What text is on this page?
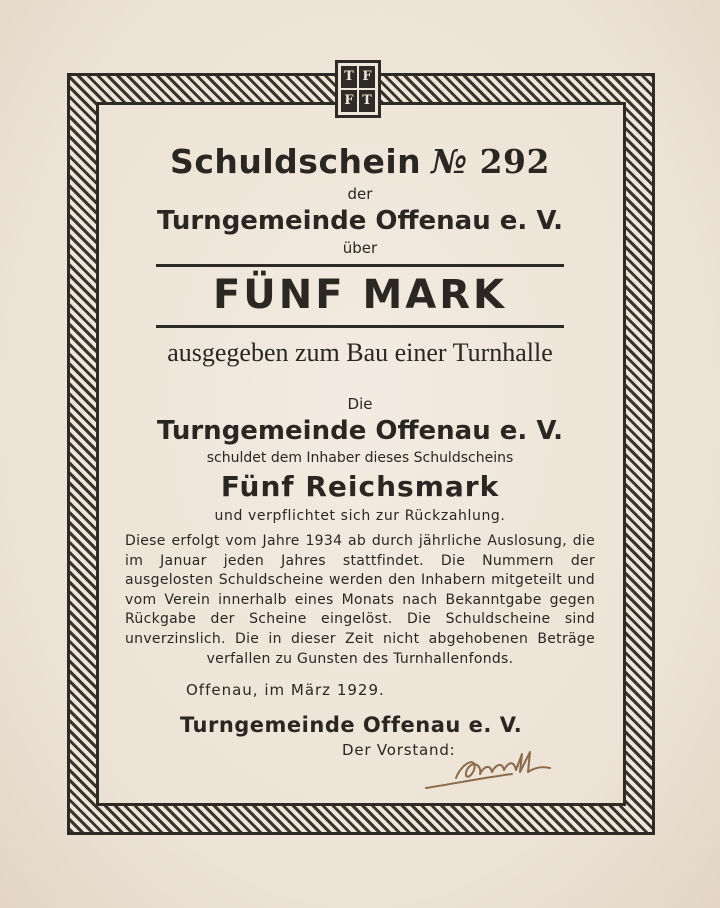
T F
F T

Schuldschein № 292

der

Turngemeinde Offenau e. V.

über

FÜNF MARK

ausgegeben zum Bau einer Turnhalle

Die

Turngemeinde Offenau e. V.

schuldet dem Inhaber dieses Schuldscheins

Fünf Reichsmark

und verpflichtet sich zur Rückzahlung.

Diese erfolgt vom Jahre 1934 ab durch jährliche Auslosung, die im Januar jeden Jahres stattfindet. Die Nummern der ausgelosten Schuldscheine werden den Inhabern mitgeteilt und vom Verein innerhalb eines Monats nach Bekanntgabe gegen Rückgabe der Scheine eingelöst. Die Schuldscheine sind unverzinslich. Die in dieser Zeit nicht abgehobenen Beträge verfallen zu Gunsten des Turnhallenfonds.

Offenau, im März 1929.

Turngemeinde Offenau e. V.

Der Vorstand:
